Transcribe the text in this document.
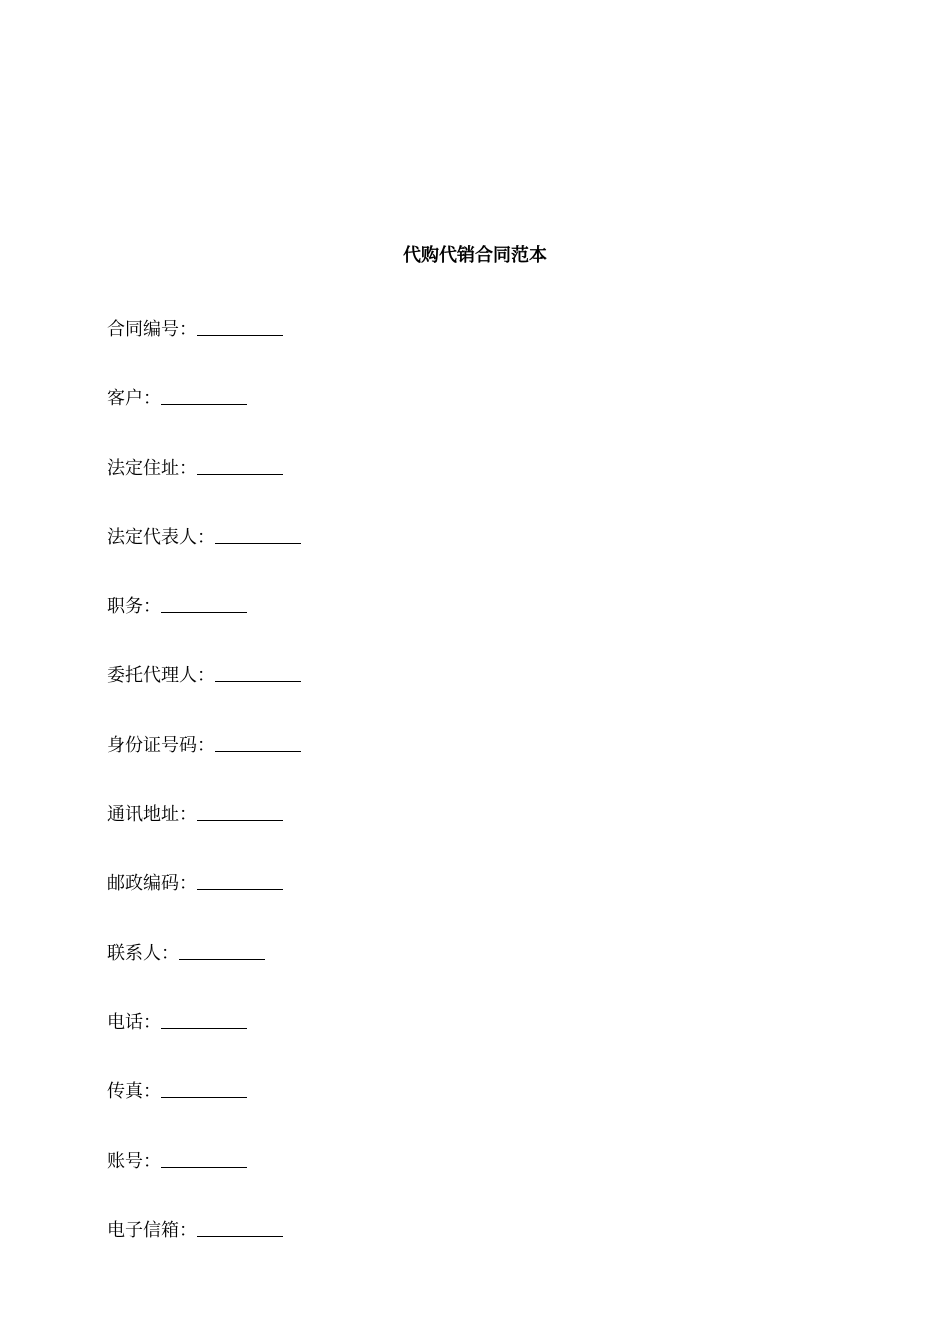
代购代销合同范本
合同编号：
客户：
法定住址：
法定代表人：
职务：
委托代理人：
身份证号码：
通讯地址：
邮政编码：
联系人：
电话：
传真：
账号：
电子信箱：
